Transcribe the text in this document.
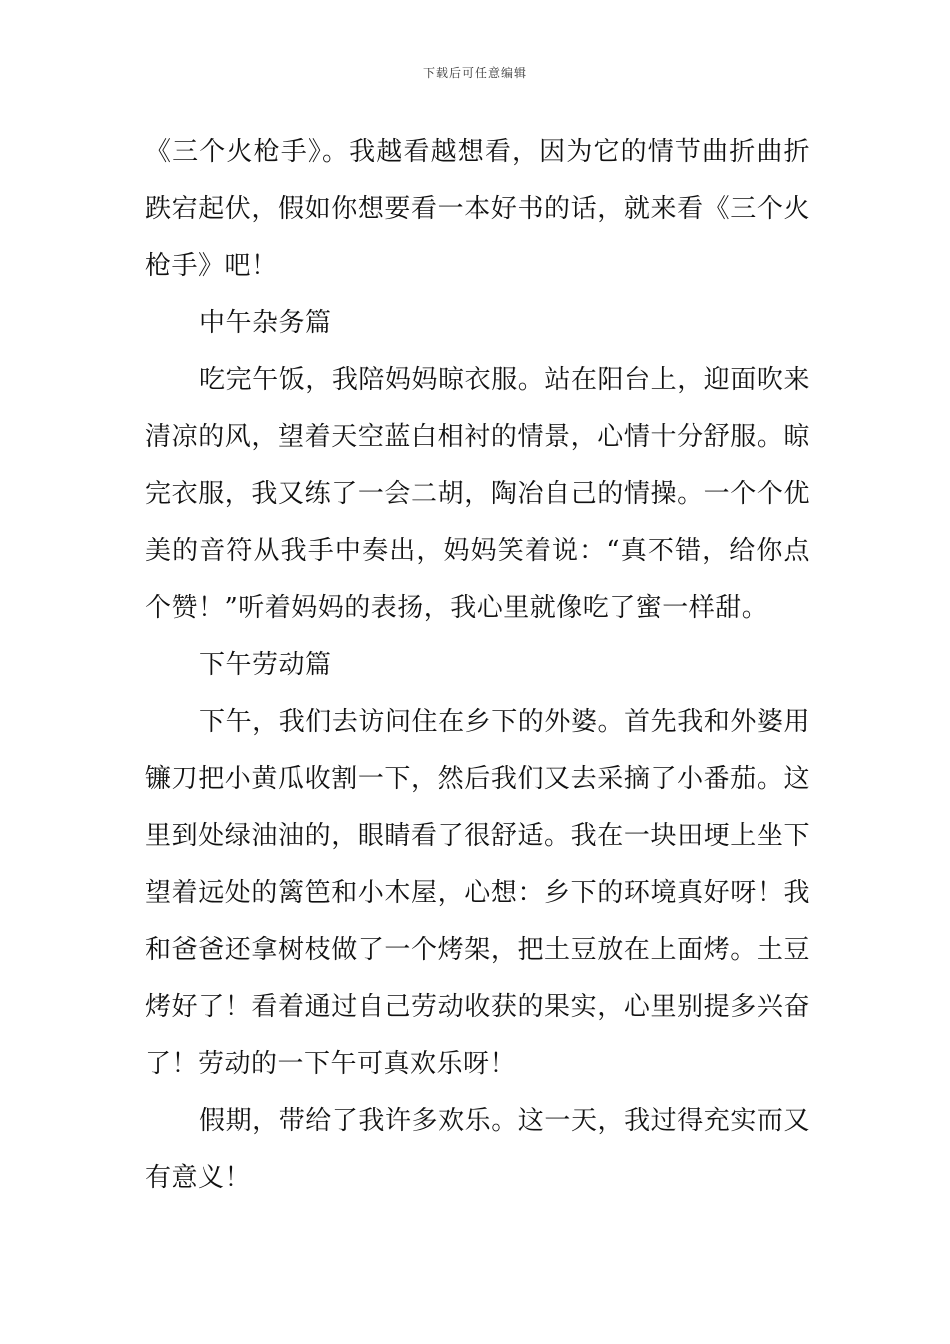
下载后可任意编辑

《三个火枪手》。我越看越想看，因为它的情节曲折曲折跌宕起伏，假如你想要看一本好书的话，就来看《三个火枪手》吧！

中午杂务篇

吃完午饭，我陪妈妈晾衣服。站在阳台上，迎面吹来清凉的风，望着天空蓝白相衬的情景，心情十分舒服。晾完衣服，我又练了一会二胡，陶冶自己的情操。一个个优美的音符从我手中奏出，妈妈笑着说：“真不错，给你点个赞！”听着妈妈的表扬，我心里就像吃了蜜一样甜。

下午劳动篇

下午，我们去访问住在乡下的外婆。首先我和外婆用镰刀把小黄瓜收割一下，然后我们又去采摘了小番茄。这里到处绿油油的，眼睛看了很舒适。我在一块田埂上坐下望着远处的篱笆和小木屋，心想：乡下的环境真好呀！我和爸爸还拿树枝做了一个烤架，把土豆放在上面烤。土豆烤好了！看着通过自己劳动收获的果实，心里别提多兴奋了！劳动的一下午可真欢乐呀！

假期，带给了我许多欢乐。这一天，我过得充实而又有意义！
